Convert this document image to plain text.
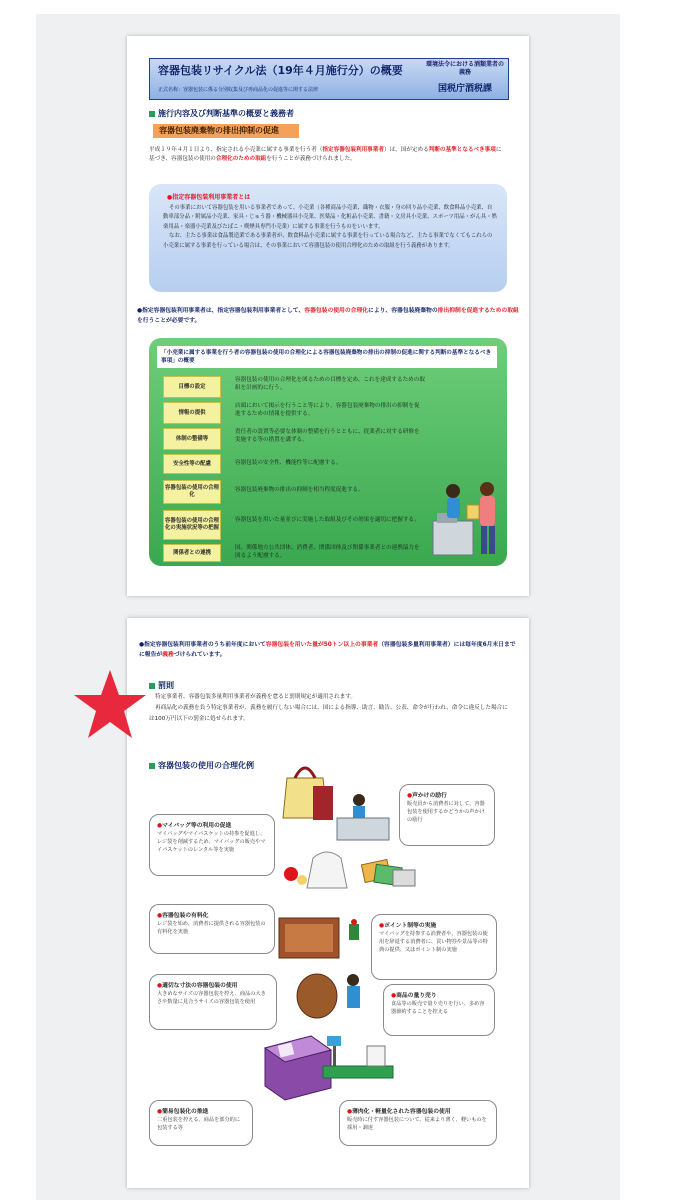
容器包装リサイクル法（19年４月施行分）の概要
正式名称：容器包装に係る分別収集及び再商品化の促進等に関する法律
環境法令における酒類業者の義務
国税庁酒税課
施行内容及び判断基準の概要と義務者
容器包装廃棄物の排出抑制の促進
平成１９年４月１日より、指定される小売業に属する事業を行う者（指定容器包装利用事業者）は、国が定める判断の基準となるべき事項に基づき、容器包装の使用の合理化のための取組を行うことが義務づけられました。
●指定容器包装利用事業者とは
その事業において容器包装を用いる事業者であって、小売業（各種商品小売業、織物・衣服・身の回り品小売業、飲食料品小売業、自動車部分品・附属品小売業、家具・じゅう器・機械器具小売業、医薬品・化粧品小売業、書籍・文房具小売業、スポーツ用品・がん具・娯楽用品・楽器小売業及びたばこ・喫煙具専門小売業）に属する事業を行うものをいいます。
なお、主たる事業は食品製造業である事業者が、飲食料品小売業に属する事業を行っている場合など、主たる事業でなくてもこれらの小売業に属する事業を行っている場合は、その事業において容器包装の使用合理化のための取組を行う義務があります。
●指定容器包装利用事業者は、指定容器包装利用事業者として、容器包装の使用の合理化により、容器包装廃棄物の排出抑制を促進するための取組を行うことが必要です。
「小売業に属する事業を行う者の容器包装の使用の合理化による容器包装廃棄物の排出の抑制の促進に関する判断の基準となるべき事項」の概要
目標の設定
容器包装の使用の合理化を図るための目標を定め、これを達成するための取組を計画的に行う。
情報の提供
店頭において掲示を行うこと等により、容器包装廃棄物の排出の抑制を促進するための情報を提供する。
体制の整備等
責任者の設置等必要な体制の整備を行うとともに、従業者に対する研修を実施する等の措置を講ずる。
安全性等の配慮	容器包装の安全性、機能性等に配慮する。
容器包装の使用の合理化
容器包装廃棄物の排出の抑制を相当程度促進する。
容器包装の使用の合理化の実施状況等の把握
容器包装を用いた量並びに実施した取組及びその効果を適切に把握する。
関係者との連携
国、関係地方公共団体、消費者、関係団体及び関係事業者との連携協力を図るよう配慮する。
●指定容器包装利用事業者のうち前年度において容器包装を用いた量が50トン以上の事業者（容器包装多量利用事業者）には毎年度6月末日までに報告が義務づけられています。
罰則
特定事業者、容器包装多量利用事業者が義務を怠ると罰則規定が適用されます。
再商品化の義務を負う特定事業者が、義務を履行しない場合には、国による指導、助言、勧告、公表、命令が行われ、命令に違反した場合には100万円以下の罰金に処せられます。
容器包装の使用の合理化例
●声かけの励行
販売員から消費者に対して、容器包装を使用するかどうかの声かけの励行
●マイバッグ等の利用の促進
マイバッグやマイバスケットの持参を促進し、レジ袋を削減するため、マイバッグの販売やマイバスケットのレンタル等を実施
●容器包装の有料化
レジ袋を始め、消費者に提供される容器包装の有料化を実施
●ポイント制等の実施
マイバッグを持参する消費者や、容器包装の使用を辞退する消費者に、買い物券や景品等の特典の提供、又はポイント制の実施
●適切な寸法の容器包装の使用
大きめなサイズの容器包装を控え、商品の大きさや数量に見合うサイズの容器包装を使用
●商品の量り売り
食品等の販売で量り売りを行い、多め容器節約することを控える
●簡易包装化の推進
二重包装を控える、商品を部分的に包装する等
●薄肉化・軽量化された容器包装の使用
販売時に付す容器包装について、従来より薄く、軽いものを採用・調達
